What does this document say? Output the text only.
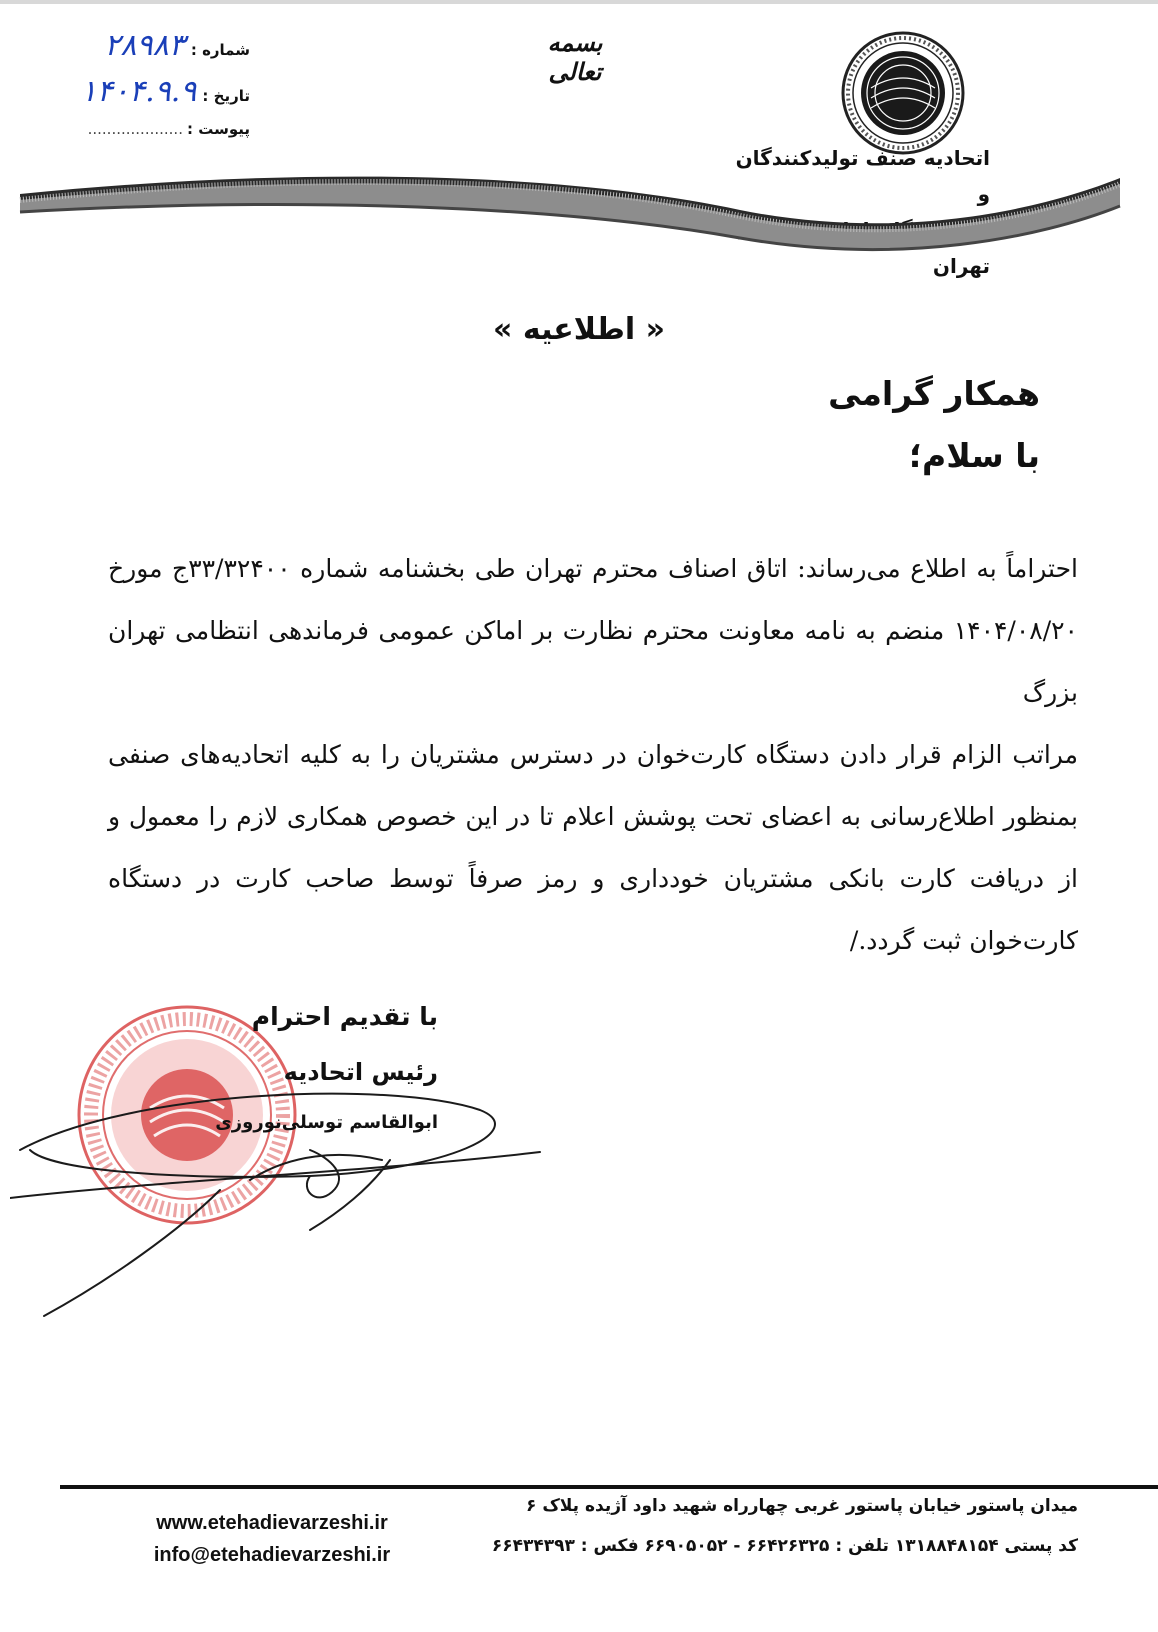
شماره :
۲۸۹۸۳
تاریخ :
۱۴۰۴.۹.۹
پیوست :
....................
بسمه تعالی
اتحادیه صنف تولیدکنندگان و
تهران
« اطلاعیه »
همکار گرامی
با سلام؛

احتراماً به اطلاع می‌رساند: اتاق اصناف محترم تهران طی بخشنامه شماره ۳۳/۳۲۴۰۰ج مورخ ۱۴۰۴/۰۸/۲۰ منضم به نامه معاونت محترم نظارت بر اماکن عمومی فرماندهی انتظامی تهران بزرگ

مراتب الزام قرار دادن دستگاه کارت‌خوان در دسترس مشتریان را به کلیه اتحادیه‌های صنفی بمنظور اطلاع‌رسانی به اعضای تحت پوشش اعلام تا در این خصوص همکاری لازم را معمول و از دریافت کارت بانکی مشتریان خودداری و رمز صرفاً توسط صاحب کارت در دستگاه کارت‌خوان ثبت گردد./

با تقدیم احترام
رئیس اتحادیه
ابوالقاسم توسلی‌نوروزی
www.etehadievarzeshi.ir
info@etehadievarzeshi.ir
میدان پاستور خیابان پاستور غربی چهارراه شهید داود آژیده پلاک ۶
کد پستی ۱۳۱۸۸۴۸۱۵۴ تلفن : ۶۶۴۲۶۳۲۵ - ۶۶۹۰۵۰۵۲ فکس : ۶۶۴۳۴۳۹۳
